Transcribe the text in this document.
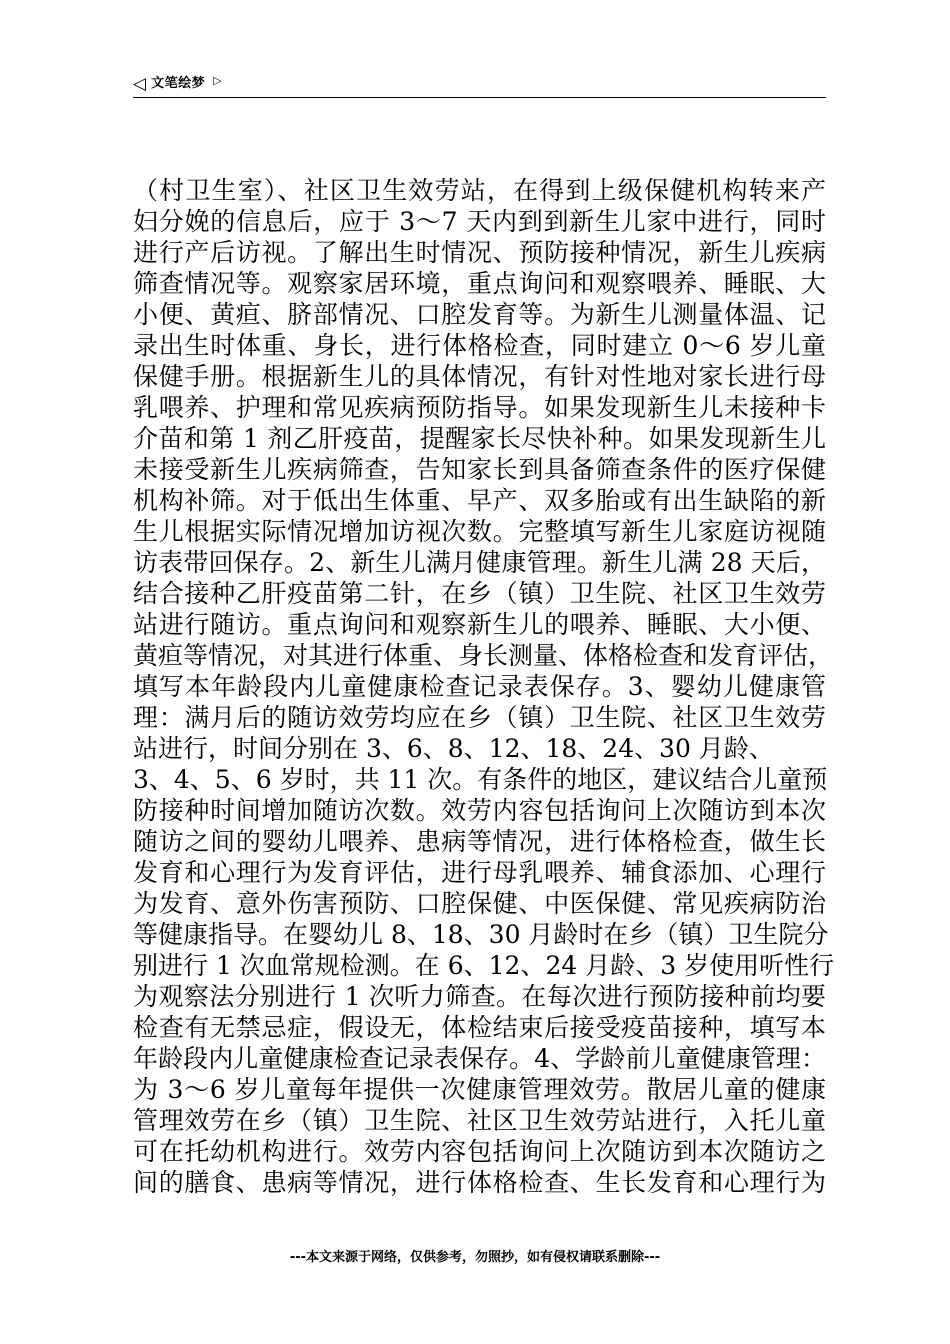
◁ 文笔绘梦 ▷
（村卫生室）、社区卫生效劳站，在得到上级保健机构转来产
妇分娩的信息后，应于 3～7 天内到到新生儿家中进行，同时
进行产后访视。了解出生时情况、预防接种情况，新生儿疾病
筛查情况等。观察家居环境，重点询问和观察喂养、睡眠、大
小便、黄疸、脐部情况、口腔发育等。为新生儿测量体温、记
录出生时体重、身长，进行体格检查，同时建立 0～6 岁儿童
保健手册。根据新生儿的具体情况，有针对性地对家长进行母
乳喂养、护理和常见疾病预防指导。如果发现新生儿未接种卡
介苗和第 1 剂乙肝疫苗，提醒家长尽快补种。如果发现新生儿
未接受新生儿疾病筛查，告知家长到具备筛查条件的医疗保健
机构补筛。对于低出生体重、早产、双多胎或有出生缺陷的新
生儿根据实际情况增加访视次数。完整填写新生儿家庭访视随
访表带回保存。2、新生儿满月健康管理。新生儿满 28 天后，
结合接种乙肝疫苗第二针，在乡（镇）卫生院、社区卫生效劳
站进行随访。重点询问和观察新生儿的喂养、睡眠、大小便、
黄疸等情况，对其进行体重、身长测量、体格检查和发育评估，
填写本年龄段内儿童健康检查记录表保存。3、婴幼儿健康管
理：满月后的随访效劳均应在乡（镇）卫生院、社区卫生效劳
站进行，时间分别在 3、6、8、12、18、24、30 月龄、
3、4、5、6 岁时，共 11 次。有条件的地区，建议结合儿童预
防接种时间增加随访次数。效劳内容包括询问上次随访到本次
随访之间的婴幼儿喂养、患病等情况，进行体格检查，做生长
发育和心理行为发育评估，进行母乳喂养、辅食添加、心理行
为发育、意外伤害预防、口腔保健、中医保健、常见疾病防治
等健康指导。在婴幼儿 8、18、30 月龄时在乡（镇）卫生院分
别进行 1 次血常规检测。在 6、12、24 月龄、3 岁使用听性行
为观察法分别进行 1 次听力筛查。在每次进行预防接种前均要
检查有无禁忌症，假设无，体检结束后接受疫苗接种，填写本
年龄段内儿童健康检查记录表保存。4、学龄前儿童健康管理：
为 3～6 岁儿童每年提供一次健康管理效劳。散居儿童的健康
管理效劳在乡（镇）卫生院、社区卫生效劳站进行，入托儿童
可在托幼机构进行。效劳内容包括询问上次随访到本次随访之
间的膳食、患病等情况，进行体格检查、生长发育和心理行为
---本文来源于网络，仅供参考，勿照抄，如有侵权请联系删除---
